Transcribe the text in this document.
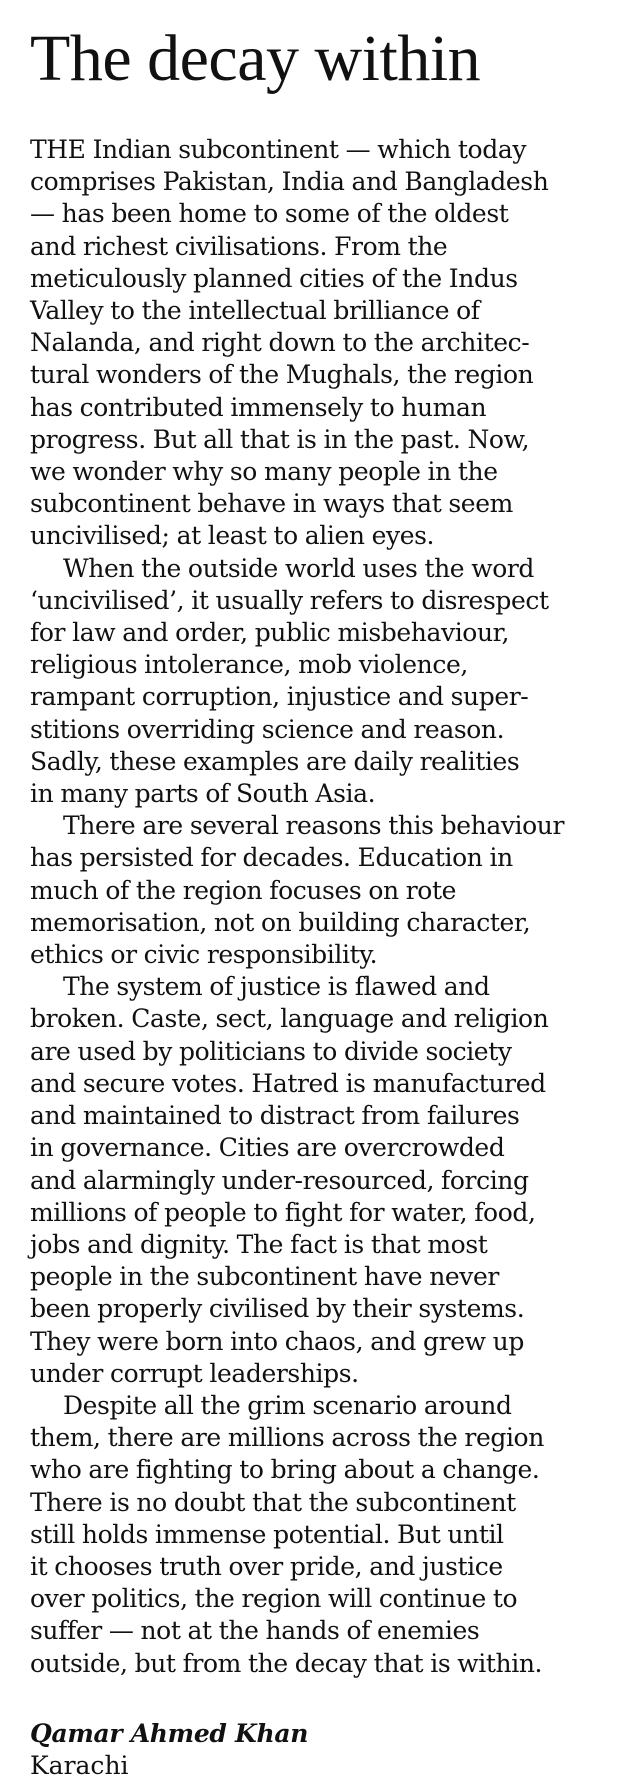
The decay within
THE Indian subcontinent — which today
comprises Pakistan, India and Bangladesh
— has been home to some of the oldest
and richest civilisations. From the
meticulously planned cities of the Indus
Valley to the intellectual brilliance of
Nalanda, and right down to the architec-
tural wonders of the Mughals, the region
has contributed immensely to human
progress. But all that is in the past. Now,
we wonder why so many people in the
subcontinent behave in ways that seem
uncivilised; at least to alien eyes.
When the outside world uses the word
‘uncivilised’, it usually refers to disrespect
for law and order, public misbehaviour,
religious intolerance, mob violence,
rampant corruption, injustice and super-
stitions overriding science and reason.
Sadly, these examples are daily realities
in many parts of South Asia.
There are several reasons this behaviour
has persisted for decades. Education in
much of the region focuses on rote
memorisation, not on building character,
ethics or civic responsibility.
The system of justice is flawed and
broken. Caste, sect, language and religion
are used by politicians to divide society
and secure votes. Hatred is manufactured
and maintained to distract from failures
in governance. Cities are overcrowded
and alarmingly under-resourced, forcing
millions of people to fight for water, food,
jobs and dignity. The fact is that most
people in the subcontinent have never
been properly civilised by their systems.
They were born into chaos, and grew up
under corrupt leaderships.
Despite all the grim scenario around
them, there are millions across the region
who are fighting to bring about a change.
There is no doubt that the subcontinent
still holds immense potential. But until
it chooses truth over pride, and justice
over politics, the region will continue to
suffer — not at the hands of enemies
outside, but from the decay that is within.
Qamar Ahmed Khan
Karachi
